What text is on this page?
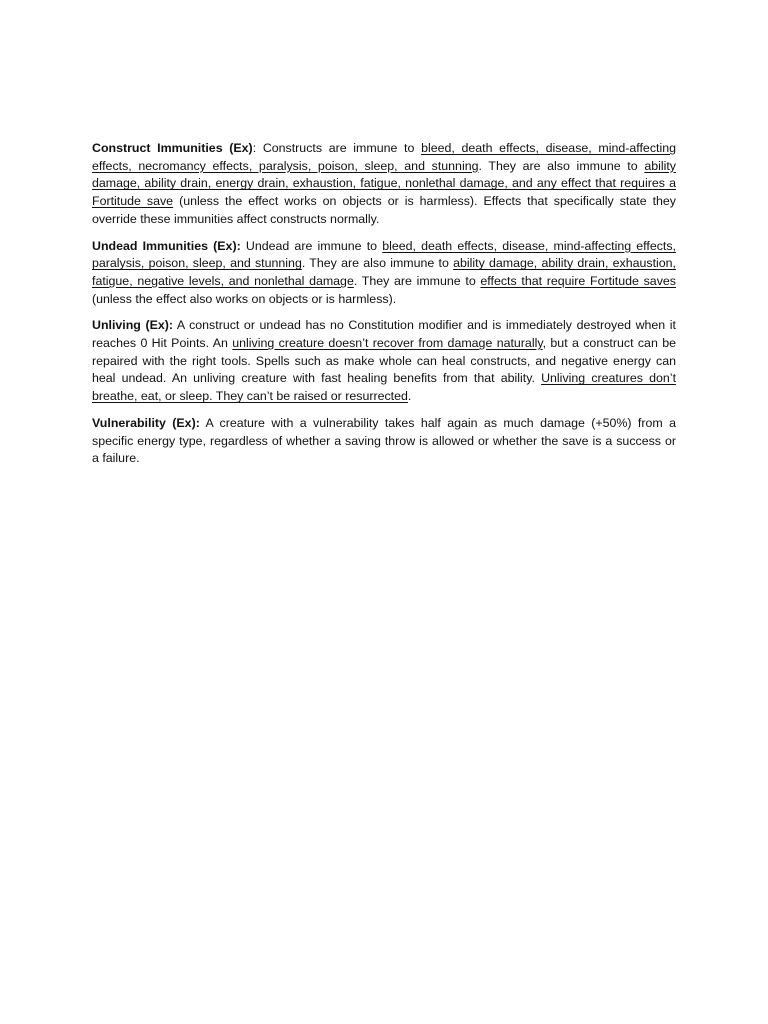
Construct Immunities (Ex): Constructs are immune to bleed, death effects, disease, mind-affecting effects, necromancy effects, paralysis, poison, sleep, and stunning. They are also immune to ability damage, ability drain, energy drain, exhaustion, fatigue, nonlethal damage, and any effect that requires a Fortitude save (unless the effect works on objects or is harmless). Effects that specifically state they override these immunities affect constructs normally.

Undead Immunities (Ex): Undead are immune to bleed, death effects, disease, mind-affecting effects, paralysis, poison, sleep, and stunning. They are also immune to ability damage, ability drain, exhaustion, fatigue, negative levels, and nonlethal damage. They are immune to effects that require Fortitude saves (unless the effect also works on objects or is harmless).

Unliving (Ex): A construct or undead has no Constitution modifier and is immediately destroyed when it reaches 0 Hit Points. An unliving creature doesn’t recover from damage naturally, but a construct can be repaired with the right tools. Spells such as make whole can heal constructs, and negative energy can heal undead. An unliving creature with fast healing benefits from that ability. Unliving creatures don’t breathe, eat, or sleep. They can’t be raised or resurrected.

Vulnerability (Ex): A creature with a vulnerability takes half again as much damage (+50%) from a specific energy type, regardless of whether a saving throw is allowed or whether the save is a success or a failure.
